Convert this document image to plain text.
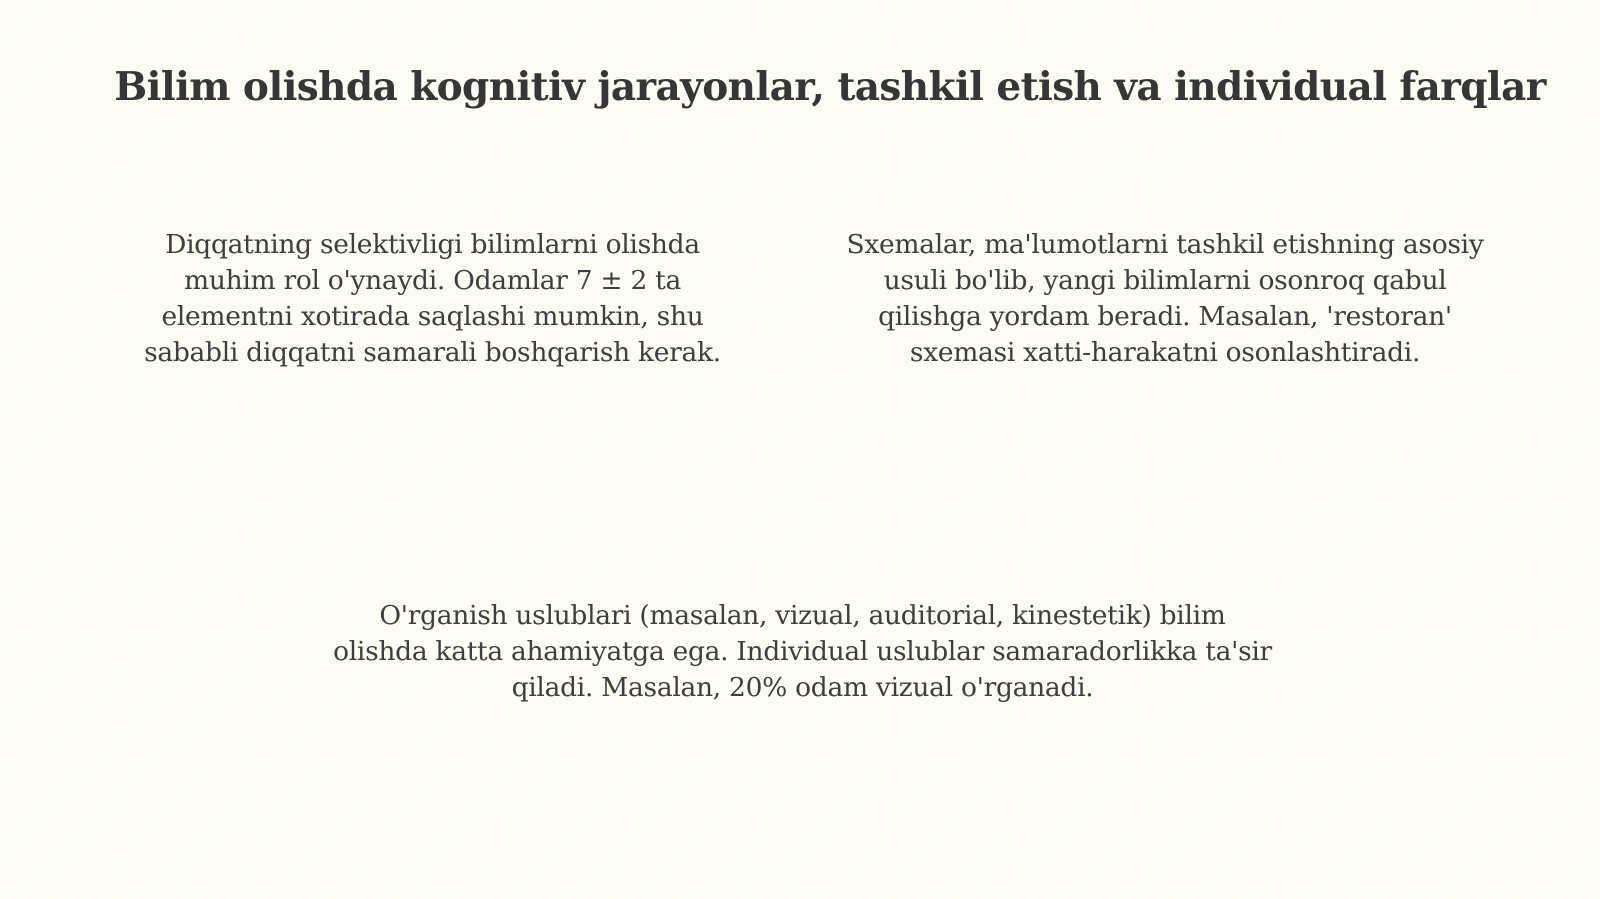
Bilim olishda kognitiv jarayonlar, tashkil etish va individual farqlar
Diqqatning selektivligi bilimlarni olishda
muhim rol o'ynaydi. Odamlar 7 ± 2 ta
elementni xotirada saqlashi mumkin, shu
sababli diqqatni samarali boshqarish kerak.
Sxemalar, ma'lumotlarni tashkil etishning asosiy
usuli bo'lib, yangi bilimlarni osonroq qabul
qilishga yordam beradi. Masalan, 'restoran'
sxemasi xatti-harakatni osonlashtiradi.
O'rganish uslublari (masalan, vizual, auditorial, kinestetik) bilim
olishda katta ahamiyatga ega. Individual uslublar samaradorlikka ta'sir
qiladi. Masalan, 20% odam vizual o'rganadi.
